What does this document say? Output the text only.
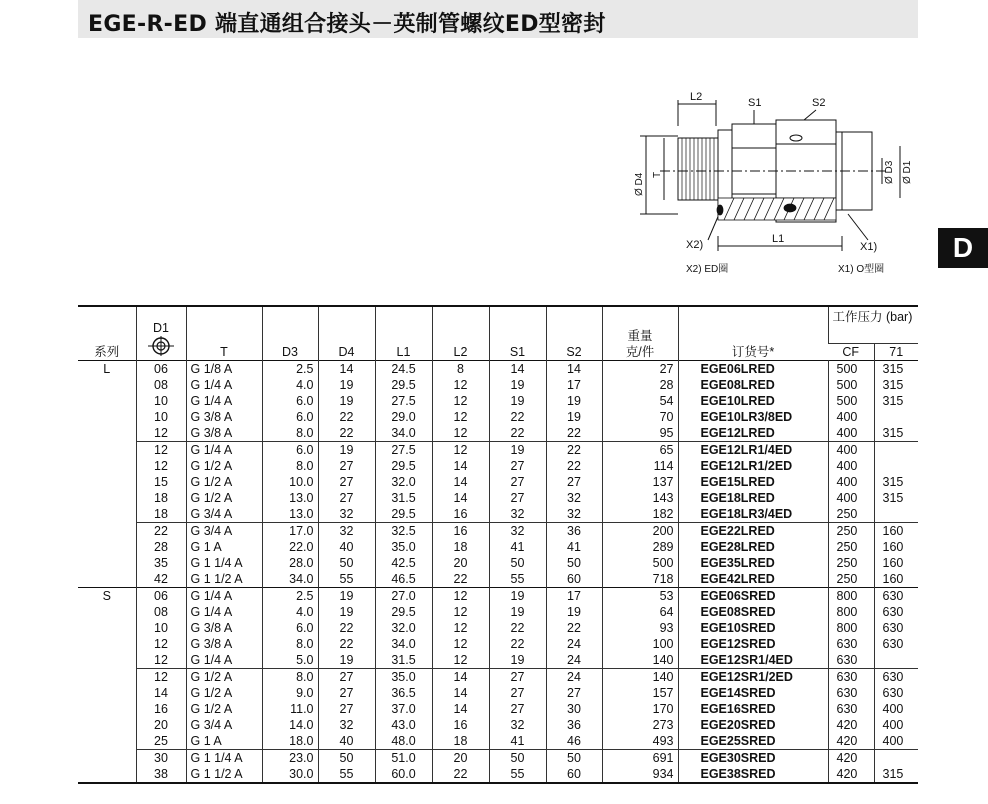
EGE-R-ED 端直通组合接头－英制管螺纹ED型密封
D
L2	S1	S2
Ø D4 T	Ø D3 Ø D1
L1
X2)	X1)
X2) ED圈	X1) O型圈
系列	D1	T	D3	D4	L1	L2	S1	S2	重量
克/件	订货号*	工作压力 (bar)	
											CF	71
L	06	G 1/8 A	2.5	14	24.5	8	14	14	27	EGE06LRED	500	315
	08	G 1/4 A	4.0	19	29.5	12	19	17	28	EGE08LRED	500	315
	10	G 1/4 A	6.0	19	27.5	12	19	19	54	EGE10LRED	500	315
	10	G 3/8 A	6.0	22	29.0	12	22	19	70	EGE10LR3/8ED	400	
	12	G 3/8 A	8.0	22	34.0	12	22	22	95	EGE12LRED	400	315
	12	G 1/4 A	6.0	19	27.5	12	19	22	65	EGE12LR1/4ED	400	
	12	G 1/2 A	8.0	27	29.5	14	27	22	114	EGE12LR1/2ED	400	
	15	G 1/2 A	10.0	27	32.0	14	27	27	137	EGE15LRED	400	315
	18	G 1/2 A	13.0	27	31.5	14	27	32	143	EGE18LRED	400	315
	18	G 3/4 A	13.0	32	29.5	16	32	32	182	EGE18LR3/4ED	250	
	22	G 3/4 A	17.0	32	32.5	16	32	36	200	EGE22LRED	250	160
	28	G 1 A	22.0	40	35.0	18	41	41	289	EGE28LRED	250	160
	35	G 1 1/4 A	28.0	50	42.5	20	50	50	500	EGE35LRED	250	160
	42	G 1 1/2 A	34.0	55	46.5	22	55	60	718	EGE42LRED	250	160
S	06	G 1/4 A	2.5	19	27.0	12	19	17	53	EGE06SRED	800	630
	08	G 1/4 A	4.0	19	29.5	12	19	19	64	EGE08SRED	800	630
	10	G 3/8 A	6.0	22	32.0	12	22	22	93	EGE10SRED	800	630
	12	G 3/8 A	8.0	22	34.0	12	22	24	100	EGE12SRED	630	630
	12	G 1/4 A	5.0	19	31.5	12	19	24	140	EGE12SR1/4ED	630	
	12	G 1/2 A	8.0	27	35.0	14	27	24	140	EGE12SR1/2ED	630	630
	14	G 1/2 A	9.0	27	36.5	14	27	27	157	EGE14SRED	630	630
	16	G 1/2 A	11.0	27	37.0	14	27	30	170	EGE16SRED	630	400
	20	G 3/4 A	14.0	32	43.0	16	32	36	273	EGE20SRED	420	400
	25	G 1 A	18.0	40	48.0	18	41	46	493	EGE25SRED	420	400
	30	G 1 1/4 A	23.0	50	51.0	20	50	50	691	EGE30SRED	420	
	38	G 1 1/2 A	30.0	55	60.0	22	55	60	934	EGE38SRED	420	315
